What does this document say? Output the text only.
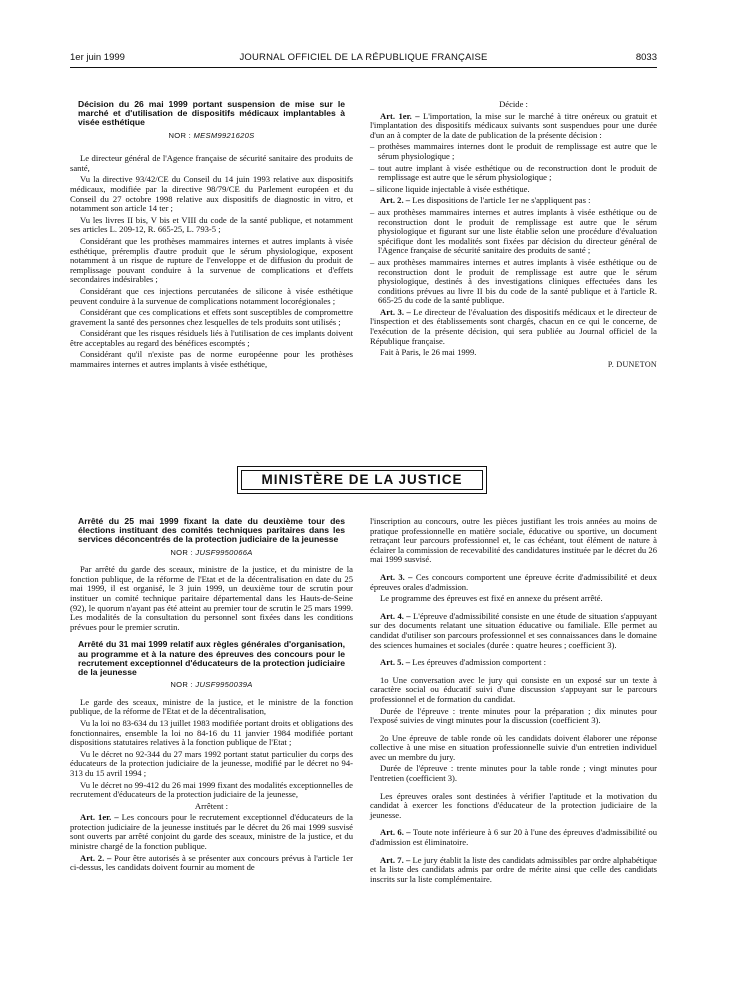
1er juin 1999	JOURNAL OFFICIEL DE LA RÉPUBLIQUE FRANÇAISE	8033

Décision du 26 mai 1999 portant suspension de mise sur le marché et d'utilisation de dispositifs médicaux implantables à visée esthétique

NOR : MESM9921620S

Le directeur général de l'Agence française de sécurité sanitaire des produits de santé,

Vu la directive 93/42/CE du Conseil du 14 juin 1993 relative aux dispositifs médicaux, modifiée par la directive 98/79/CE du Parlement européen et du Conseil du 27 octobre 1998 relative aux dispositifs de diagnostic in vitro, et notamment son article 14 ter ;

Vu les livres II bis, V bis et VIII du code de la santé publique, et notamment ses articles L. 209-12, R. 665-25, L. 793-5 ;

Considérant que les prothèses mammaires internes et autres implants à visée esthétique, préremplis d'autre produit que le sérum physiologique, exposent notamment à un risque de rupture de l'enveloppe et de diffusion du produit de remplissage pouvant conduire à la survenue de complications et d'effets secondaires indésirables ;

Considérant que ces injections percutanées de silicone à visée esthétique peuvent conduire à la survenue de complications notamment locorégionales ;

Considérant que ces complications et effets sont susceptibles de compromettre gravement la santé des personnes chez lesquelles de tels produits sont utilisés ;

Considérant que les risques résiduels liés à l'utilisation de ces implants doivent être acceptables au regard des bénéfices escomptés ;

Considérant qu'il n'existe pas de norme européenne pour les prothèses mammaires internes et autres implants à visée esthétique,

Décide :

Art. 1er. – L'importation, la mise sur le marché à titre onéreux ou gratuit et l'implantation des dispositifs médicaux suivants sont suspendues pour une durée d'un an à compter de la date de publication de la présente décision :

– prothèses mammaires internes dont le produit de remplissage est autre que le sérum physiologique ;

– tout autre implant à visée esthétique ou de reconstruction dont le produit de remplissage est autre que le sérum physiologique ;

– silicone liquide injectable à visée esthétique.

Art. 2. – Les dispositions de l'article 1er ne s'appliquent pas :

– aux prothèses mammaires internes et autres implants à visée esthétique ou de reconstruction dont le produit de remplissage est autre que le sérum physiologique et figurant sur une liste établie selon une procédure d'évaluation spécifique dont les modalités sont fixées par décision du directeur général de l'Agence française de sécurité sanitaire des produits de santé ;

– aux prothèses mammaires internes et autres implants à visée esthétique ou de reconstruction dont le produit de remplissage est autre que le sérum physiologique, destinés à des investigations cliniques effectuées dans les conditions prévues au livre II bis du code de la santé publique et à l'article R. 665-25 du code de la santé publique.

Art. 3. – Le directeur de l'évaluation des dispositifs médicaux et le directeur de l'inspection et des établissements sont chargés, chacun en ce qui le concerne, de l'exécution de la présente décision, qui sera publiée au Journal officiel de la République française.

Fait à Paris, le 26 mai 1999.

P. DUNETON

MINISTÈRE DE LA JUSTICE

Arrêté du 25 mai 1999 fixant la date du deuxième tour des élections instituant des comités techniques paritaires dans les services déconcentrés de la protection judiciaire de la jeunesse

NOR : JUSF9950066A

Par arrêté du garde des sceaux, ministre de la justice, et du ministre de la fonction publique, de la réforme de l'Etat et de la décentralisation en date du 25 mai 1999, il est organisé, le 3 juin 1999, un deuxième tour de scrutin pour instituer un comité technique paritaire départemental dans les Hauts-de-Seine (92), le quorum n'ayant pas été atteint au premier tour de scrutin le 25 mars 1999. Les modalités de la consultation du personnel sont fixées dans les conditions prévues pour le premier scrutin.

Arrêté du 31 mai 1999 relatif aux règles générales d'organisation, au programme et à la nature des épreuves des concours pour le recrutement exceptionnel d'éducateurs de la protection judiciaire de la jeunesse

NOR : JUSF9950039A

Le garde des sceaux, ministre de la justice, et le ministre de la fonction publique, de la réforme de l'Etat et de la décentralisation,

Vu la loi no 83-634 du 13 juillet 1983 modifiée portant droits et obligations des fonctionnaires, ensemble la loi no 84-16 du 11 janvier 1984 modifiée portant dispositions statutaires relatives à la fonction publique de l'Etat ;

Vu le décret no 92-344 du 27 mars 1992 portant statut particulier du corps des éducateurs de la protection judiciaire de la jeunesse, modifié par le décret no 94-313 du 15 avril 1994 ;

Vu le décret no 99-412 du 26 mai 1999 fixant des modalités exceptionnelles de recrutement d'éducateurs de la protection judiciaire de la jeunesse,

Arrêtent :

Art. 1er. – Les concours pour le recrutement exceptionnel d'éducateurs de la protection judiciaire de la jeunesse institués par le décret du 26 mai 1999 susvisé sont ouverts par arrêté conjoint du garde des sceaux, ministre de la justice, et du ministre chargé de la fonction publique.

Art. 2. – Pour être autorisés à se présenter aux concours prévus à l'article 1er ci-dessus, les candidats doivent fournir au moment de

l'inscription au concours, outre les pièces justifiant les trois années au moins de pratique professionnelle en matière sociale, éducative ou sportive, un document retraçant leur parcours professionnel et, le cas échéant, tout élément de nature à éclairer la commission de recevabilité des candidatures instituée par le décret du 26 mai 1999 susvisé.

Art. 3. – Ces concours comportent une épreuve écrite d'admissibilité et deux épreuves orales d'admission.

Le programme des épreuves est fixé en annexe du présent arrêté.

Art. 4. – L'épreuve d'admissibilité consiste en une étude de situation s'appuyant sur des documents relatant une situation éducative ou familiale. Elle permet au candidat d'utiliser son parcours professionnel et ses connaissances dans le domaine des sciences humaines et sociales (durée : quatre heures ; coefficient 3).

Art. 5. – Les épreuves d'admission comportent :

1o Une conversation avec le jury qui consiste en un exposé sur un texte à caractère social ou éducatif suivi d'une discussion s'appuyant sur le parcours professionnel et de formation du candidat.

Durée de l'épreuve : trente minutes pour la préparation ; dix minutes pour l'exposé suivies de vingt minutes pour la discussion (coefficient 3).

2o Une épreuve de table ronde où les candidats doivent élaborer une réponse collective à une mise en situation professionnelle suivie d'un entretien individuel avec un membre du jury.

Durée de l'épreuve : trente minutes pour la table ronde ; vingt minutes pour l'entretien (coefficient 3).

Les épreuves orales sont destinées à vérifier l'aptitude et la motivation du candidat à exercer les fonctions d'éducateur de la protection judiciaire de la jeunesse.

Art. 6. – Toute note inférieure à 6 sur 20 à l'une des épreuves d'admissibilité ou d'admission est éliminatoire.

Art. 7. – Le jury établit la liste des candidats admissibles par ordre alphabétique et la liste des candidats admis par ordre de mérite ainsi que celle des candidats inscrits sur la liste complémentaire.
